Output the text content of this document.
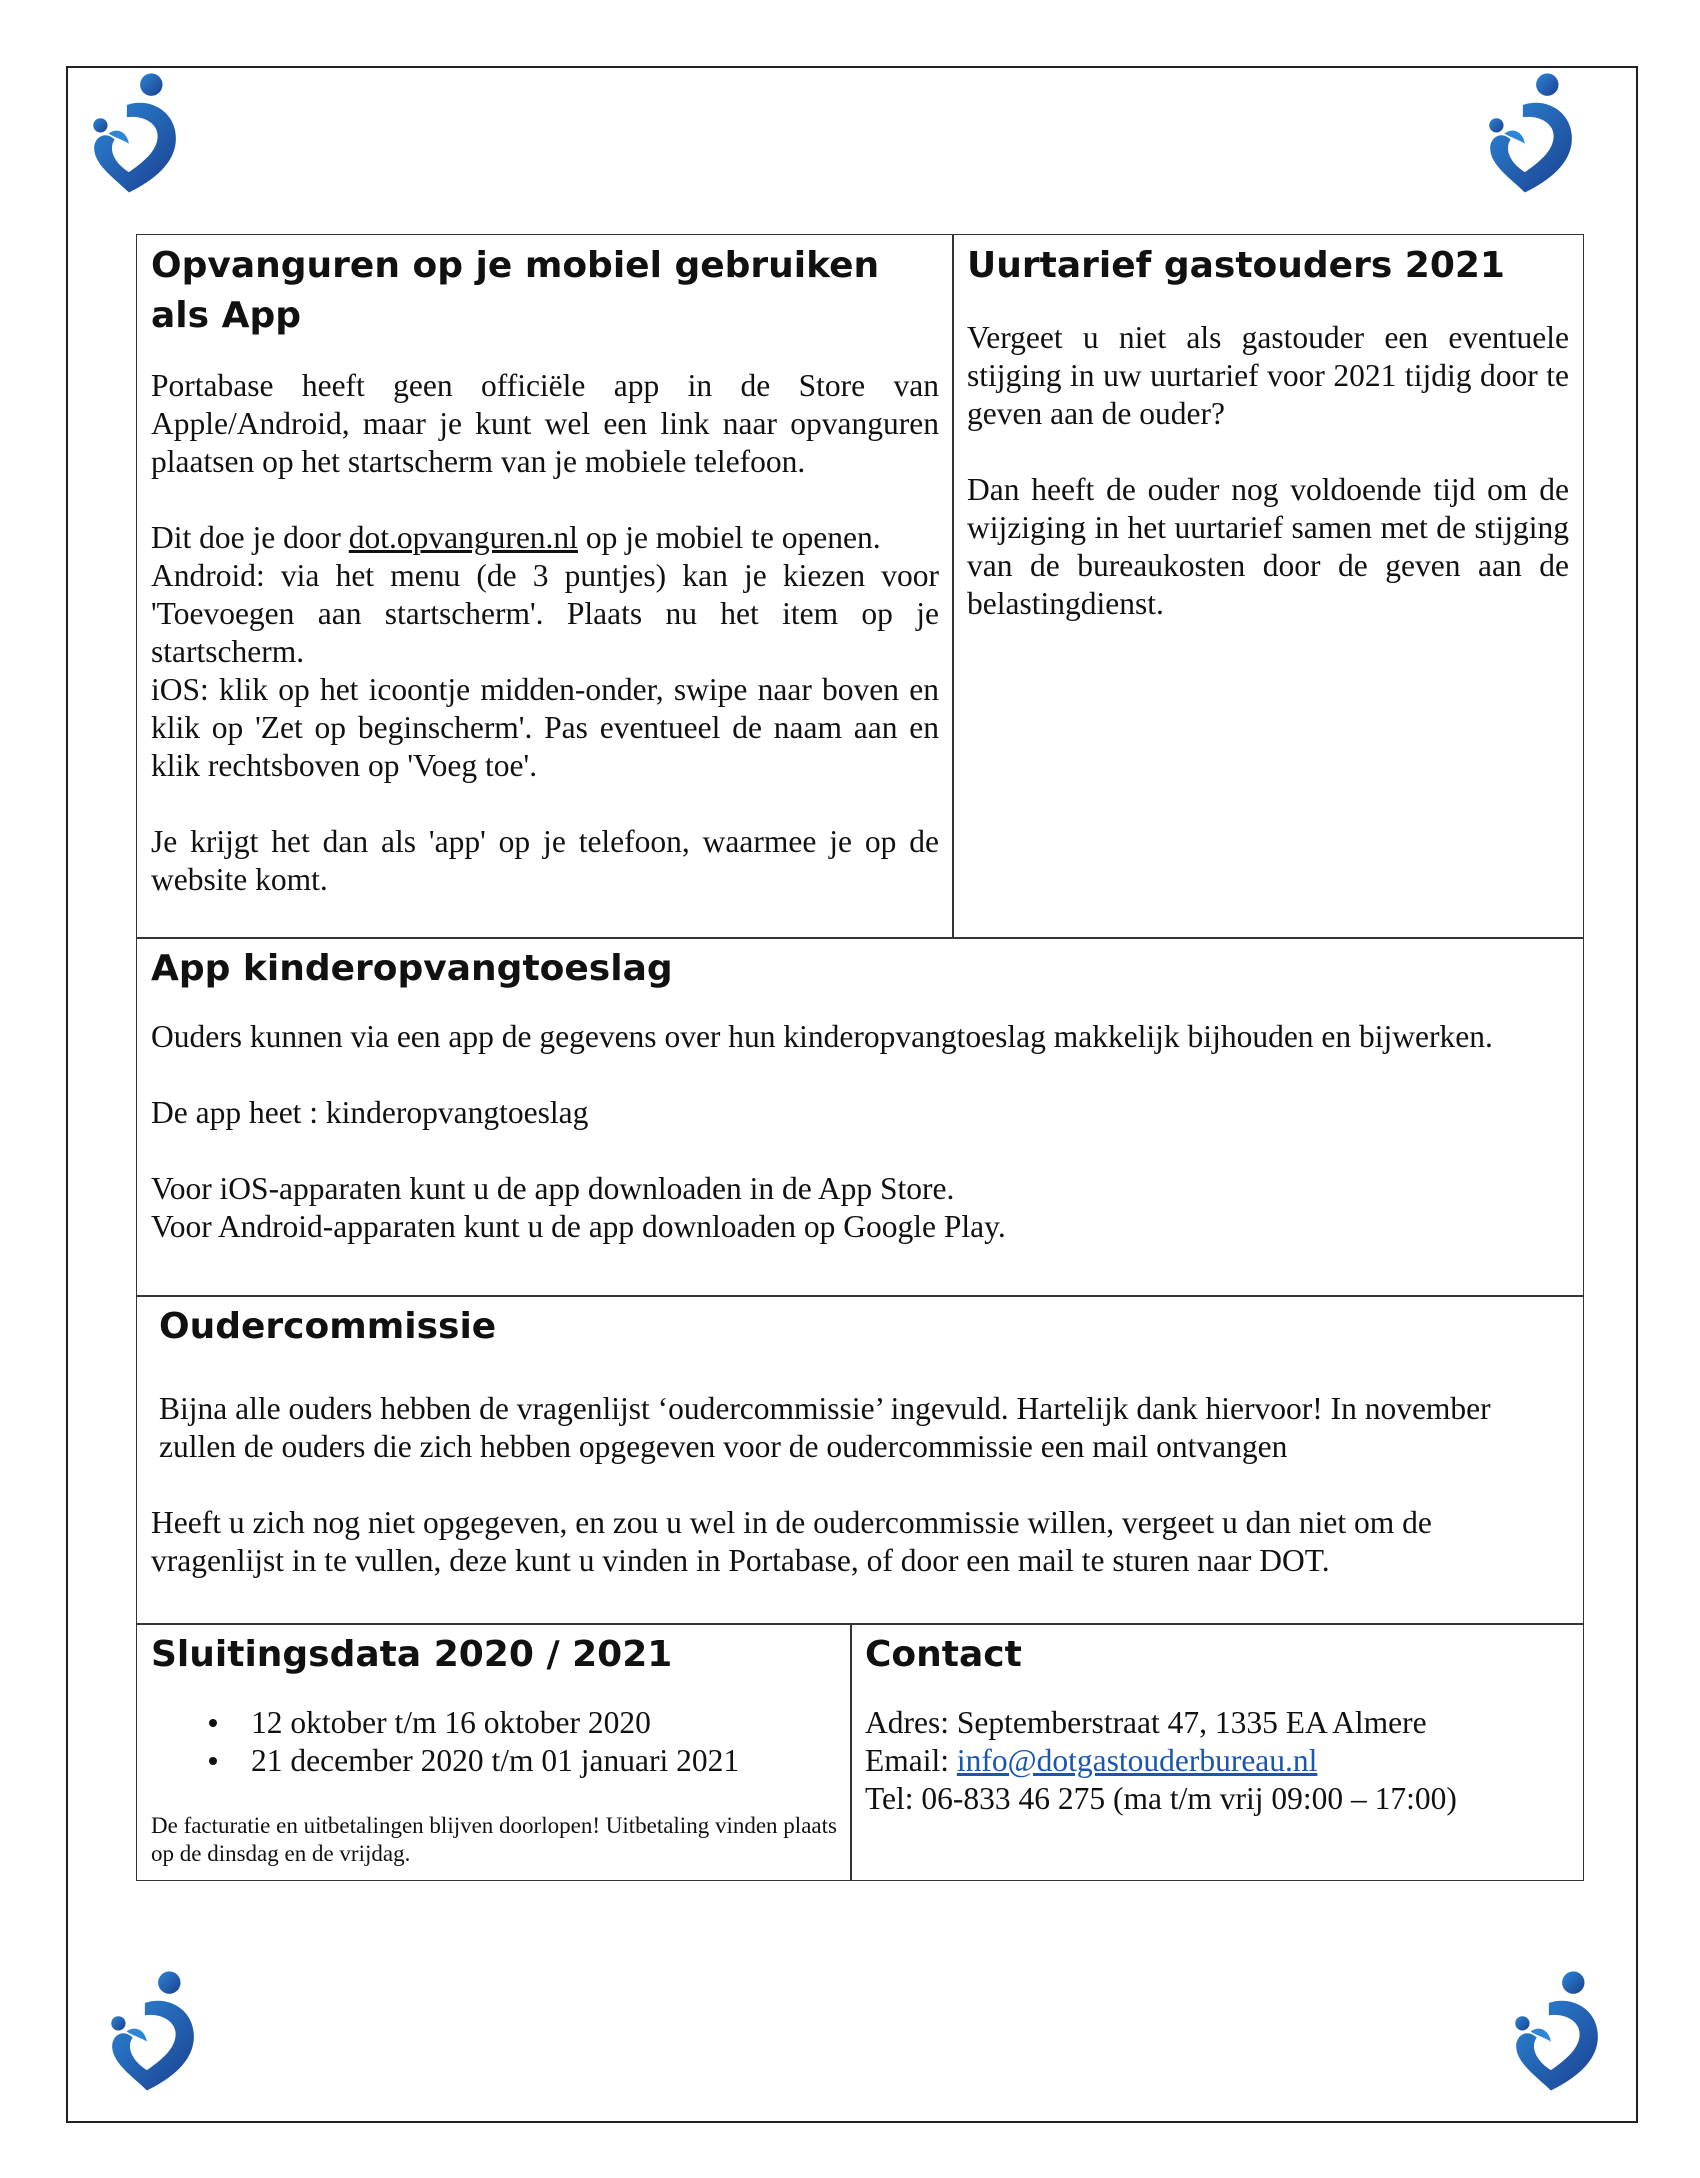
Opvanguren op je mobiel gebruiken als App

Portabase heeft geen officiële app in de Store van Apple/Android, maar je kunt wel een link naar opvanguren plaatsen op het startscherm van je mobiele telefoon.

Dit doe je door dot.opvanguren.nl op je mobiel te openen.

Android: via het menu (de 3 puntjes) kan je kiezen voor 'Toevoegen aan startscherm'. Plaats nu het item op je startscherm.

iOS: klik op het icoontje midden-onder, swipe naar boven en klik op 'Zet op beginscherm'. Pas eventueel de naam aan en klik rechtsboven op 'Voeg toe'.

Je krijgt het dan als 'app' op je telefoon, waarmee je op de website komt.

Uurtarief gastouders 2021

Vergeet u niet als gastouder een eventuele stijging in uw uurtarief voor 2021 tijdig door te geven aan de ouder?

Dan heeft de ouder nog voldoende tijd om de wijziging in het uurtarief samen met de stijging van de bureaukosten door de geven aan de belastingdienst.

App kinderopvangtoeslag

Ouders kunnen via een app de gegevens over hun kinderopvangtoeslag makkelijk bijhouden en bijwerken.

De app heet : kinderopvangtoeslag

Voor iOS-apparaten kunt u de app downloaden in de App Store.

Voor Android-apparaten kunt u de app downloaden op Google Play.

Oudercommissie

Bijna alle ouders hebben de vragenlijst ‘oudercommissie’ ingevuld. Hartelijk dank hiervoor! In november zullen de ouders die zich hebben opgegeven voor de oudercommissie een mail ontvangen

Heeft u zich nog niet opgegeven, en zou u wel in de oudercommissie willen, vergeet u dan niet om de vragenlijst in te vullen, deze kunt u vinden in Portabase, of door een mail te sturen naar DOT.

Sluitingsdata 2020 / 2021
12 oktober t/m 16 oktober 2020
21 december 2020 t/m 01 januari 2021

De facturatie en uitbetalingen blijven doorlopen! Uitbetaling vinden plaats op de dinsdag en de vrijdag.

Contact

Adres: Septemberstraat 47, 1335 EA Almere

Email: info@dotgastouderbureau.nl

Tel: 06-833 46 275 (ma t/m vrij 09:00 – 17:00)
